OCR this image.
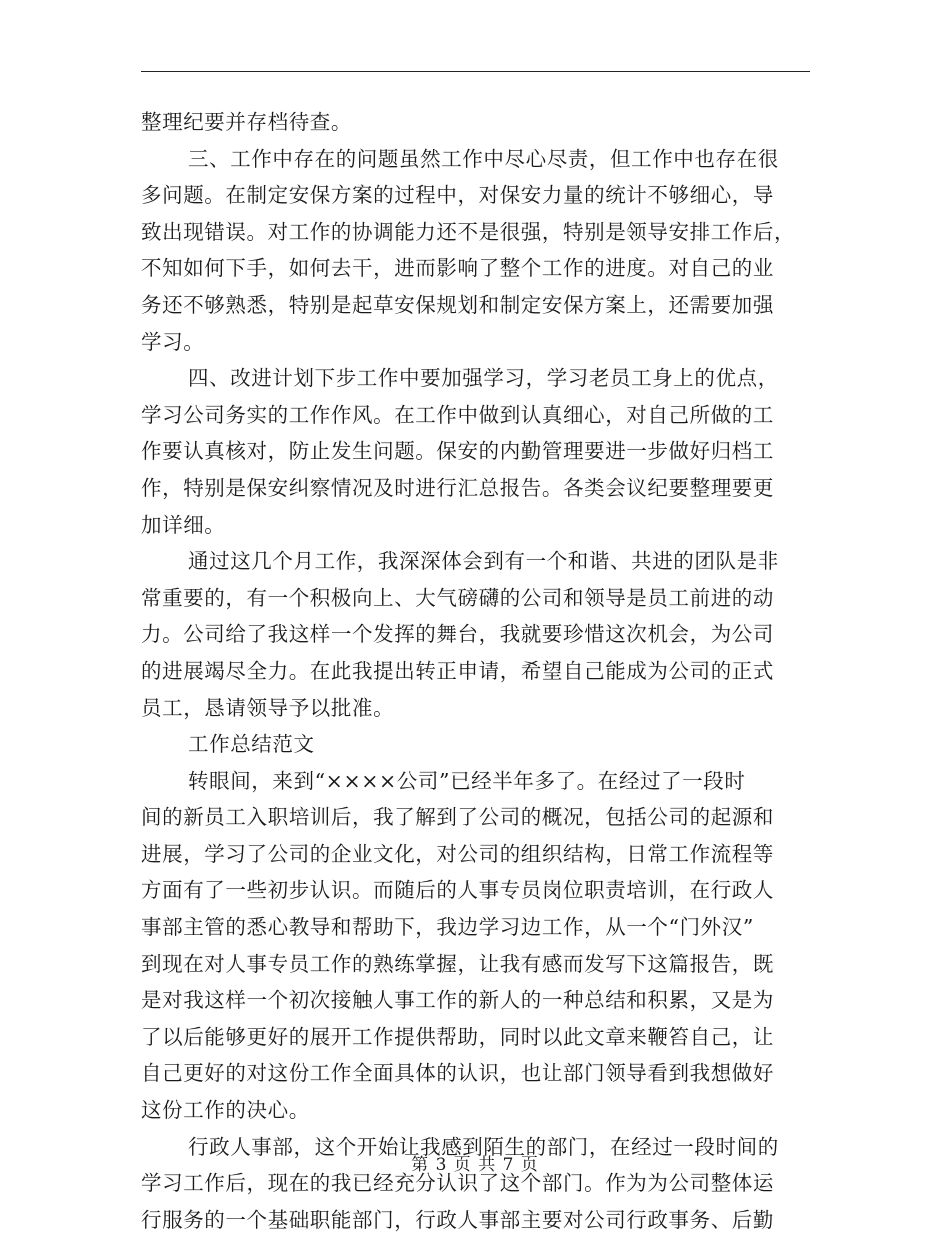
整理纪要并存档待查。
三、工作中存在的问题虽然工作中尽心尽责，但工作中也存在很
多问题。在制定安保方案的过程中，对保安力量的统计不够细心，导
致出现错误。对工作的协调能力还不是很强，特别是领导安排工作后，
不知如何下手，如何去干，进而影响了整个工作的进度。对自己的业
务还不够熟悉，特别是起草安保规划和制定安保方案上，还需要加强
学习。
四、改进计划下步工作中要加强学习，学习老员工身上的优点，
学习公司务实的工作作风。在工作中做到认真细心，对自己所做的工
作要认真核对，防止发生问题。保安的内勤管理要进一步做好归档工
作，特别是保安纠察情况及时进行汇总报告。各类会议纪要整理要更
加详细。
通过这几个月工作，我深深体会到有一个和谐、共进的团队是非
常重要的，有一个积极向上、大气磅礴的公司和领导是员工前进的动
力。公司给了我这样一个发挥的舞台，我就要珍惜这次机会，为公司
的进展竭尽全力。在此我提出转正申请，希望自己能成为公司的正式
员工，恳请领导予以批准。
工作总结范文
转眼间，来到“××××公司”已经半年多了。在经过了一段时
间的新员工入职培训后，我了解到了公司的概况，包括公司的起源和
进展，学习了公司的企业文化，对公司的组织结构，日常工作流程等
方面有了一些初步认识。而随后的人事专员岗位职责培训，在行政人
事部主管的悉心教导和帮助下，我边学习边工作，从一个“门外汉”
到现在对人事专员工作的熟练掌握，让我有感而发写下这篇报告，既
是对我这样一个初次接触人事工作的新人的一种总结和积累，又是为
了以后能够更好的展开工作提供帮助，同时以此文章来鞭笞自己，让
自己更好的对这份工作全面具体的认识，也让部门领导看到我想做好
这份工作的决心。
行政人事部，这个开始让我感到陌生的部门，在经过一段时间的
学习工作后，现在的我已经充分认识了这个部门。作为为公司整体运
行服务的一个基础职能部门，行政人事部主要对公司行政事务、后勤
第 3 页 共 7 页
